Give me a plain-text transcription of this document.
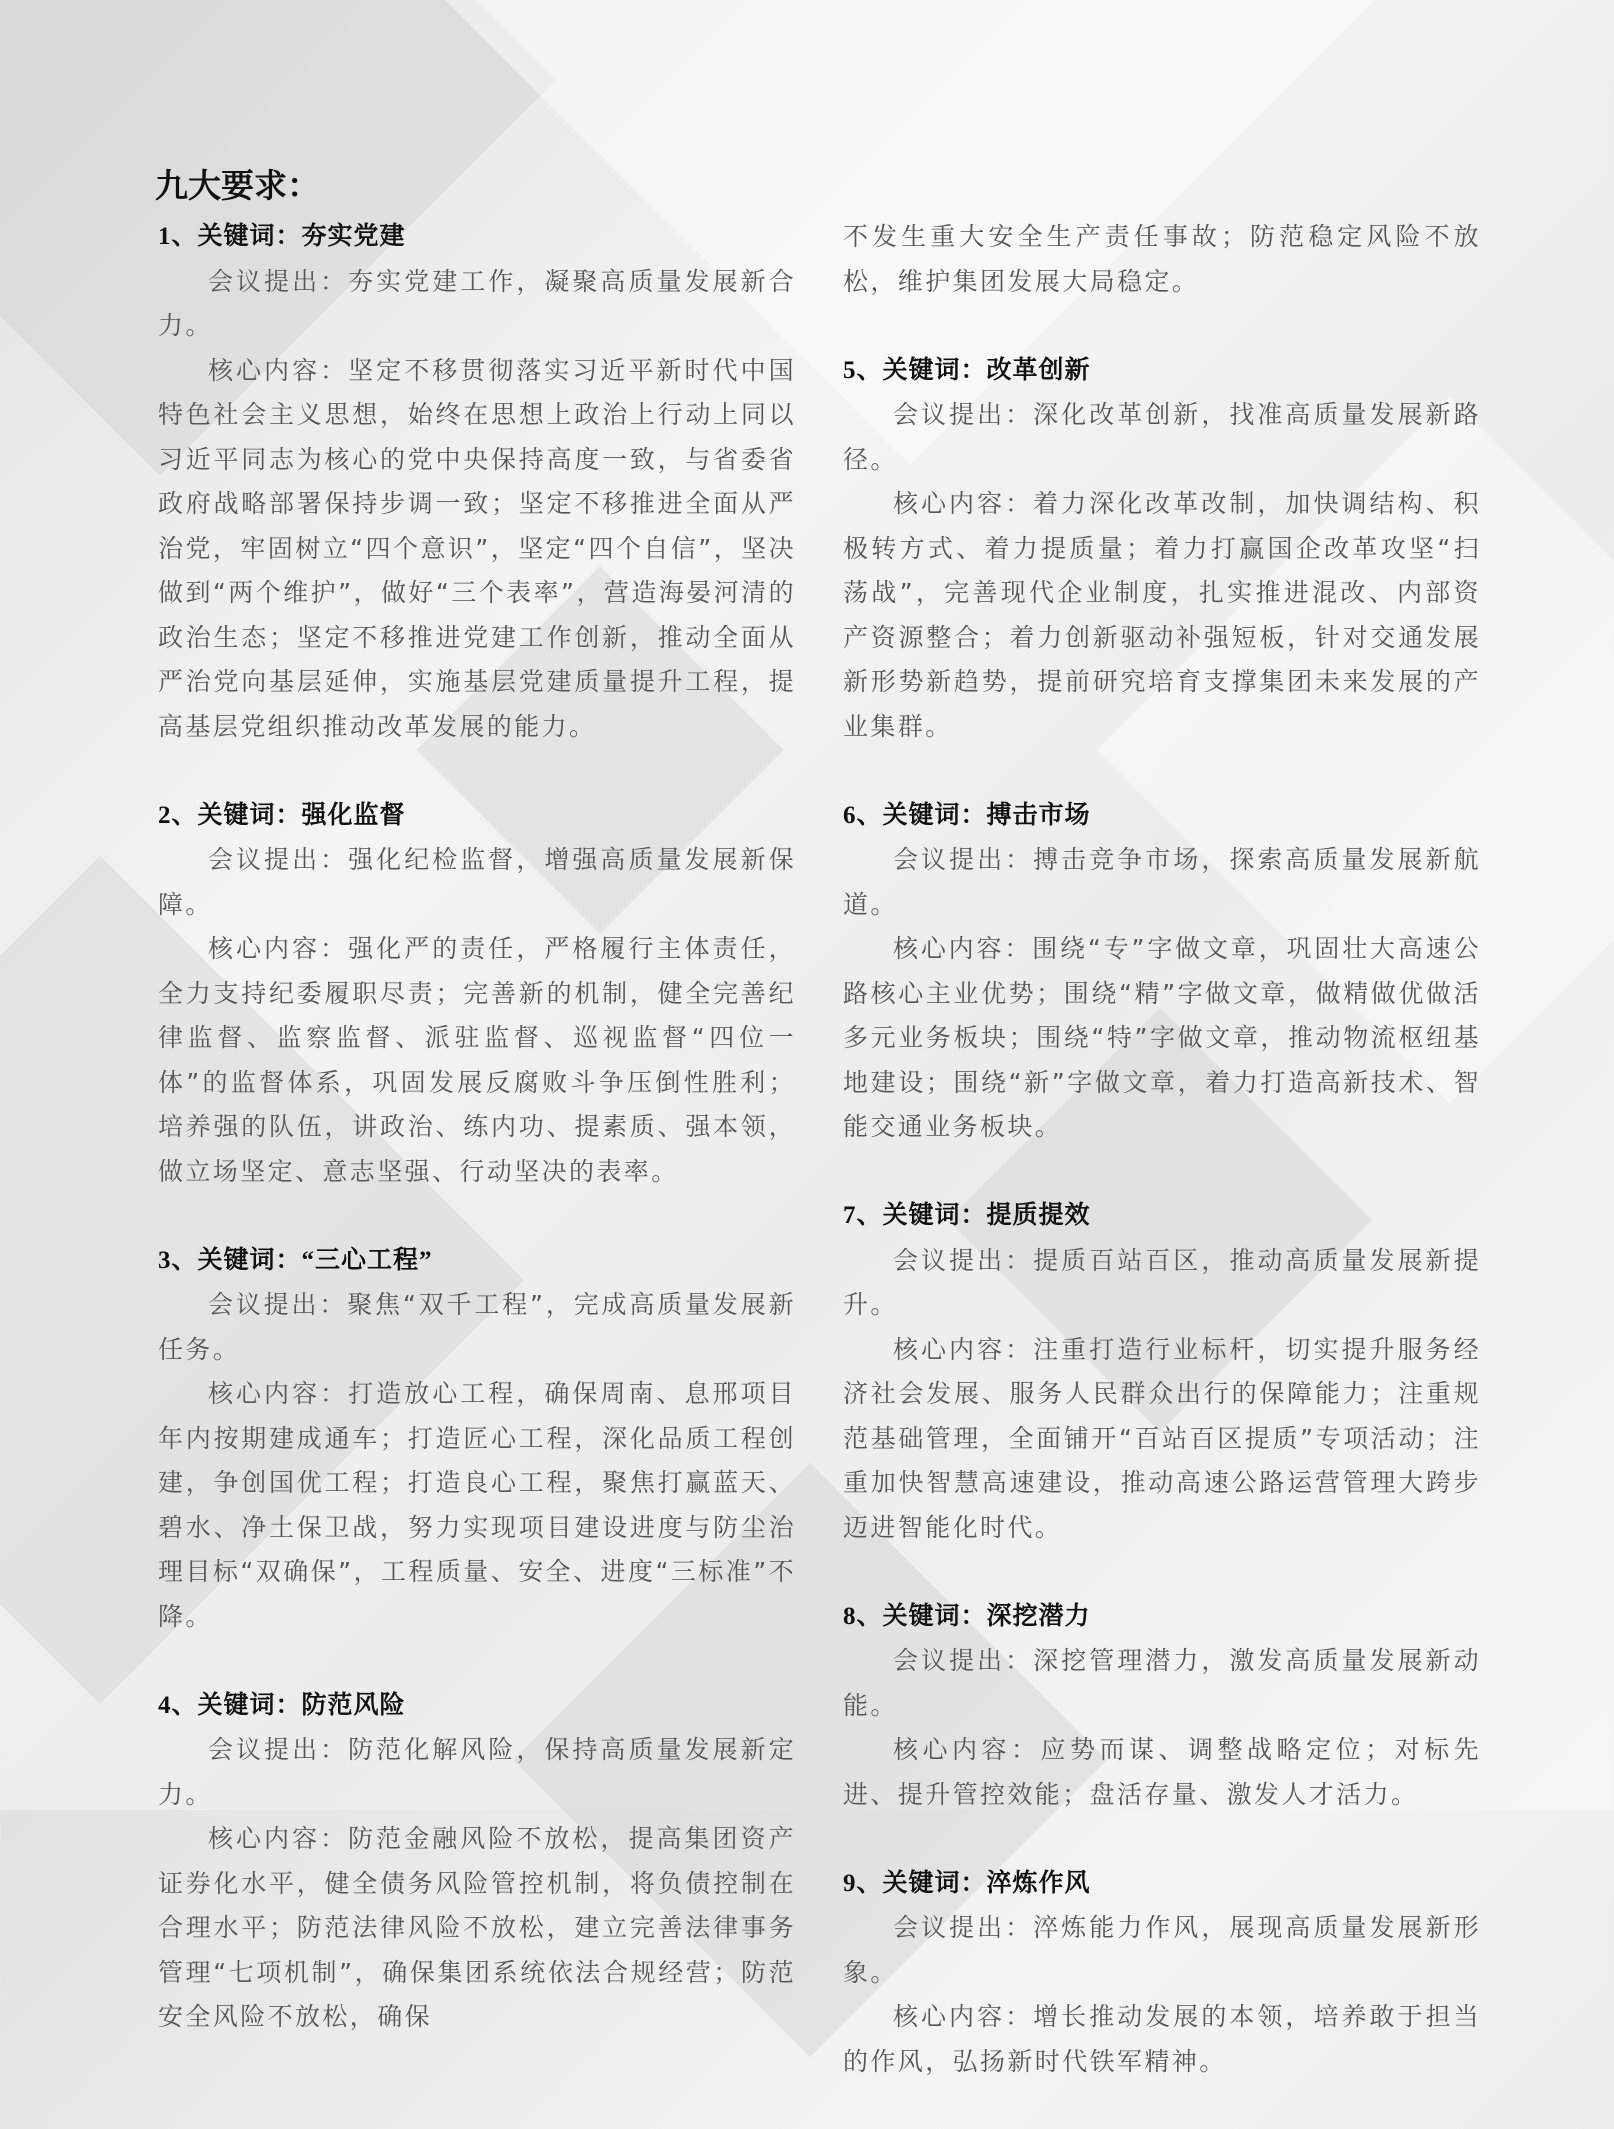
九大要求：
1、关键词：夯实党建

会议提出：夯实党建工作，凝聚高质量发展新合力。

核心内容：坚定不移贯彻落实习近平新时代中国特色社会主义思想，始终在思想上政治上行动上同以习近平同志为核心的党中央保持高度一致，与省委省政府战略部署保持步调一致；坚定不移推进全面从严治党，牢固树立“四个意识”，坚定“四个自信”，坚决做到“两个维护”，做好“三个表率”，营造海晏河清的政治生态；坚定不移推进党建工作创新，推动全面从严治党向基层延伸，实施基层党建质量提升工程，提高基层党组织推动改革发展的能力。

2、关键词：强化监督

会议提出：强化纪检监督，增强高质量发展新保障。

核心内容：强化严的责任，严格履行主体责任，全力支持纪委履职尽责；完善新的机制，健全完善纪律监督、监察监督、派驻监督、巡视监督“四位一体”的监督体系，巩固发展反腐败斗争压倒性胜利；培养强的队伍，讲政治、练内功、提素质、强本领，做立场坚定、意志坚强、行动坚决的表率。

3、关键词：“三心工程”

会议提出：聚焦“双千工程”，完成高质量发展新任务。

核心内容：打造放心工程，确保周南、息邢项目年内按期建成通车；打造匠心工程，深化品质工程创建，争创国优工程；打造良心工程，聚焦打赢蓝天、碧水、净土保卫战，努力实现项目建设进度与防尘治理目标“双确保”，工程质量、安全、进度“三标准”不降。

4、关键词：防范风险

会议提出：防范化解风险，保持高质量发展新定力。

核心内容：防范金融风险不放松，提高集团资产证券化水平，健全债务风险管控机制，将负债控制在合理水平；防范法律风险不放松，建立完善法律事务管理“七项机制”，确保集团系统依法合规经营；防范安全风险不放松，确保

不发生重大安全生产责任事故；防范稳定风险不放松，维护集团发展大局稳定。

5、关键词：改革创新

会议提出：深化改革创新，找准高质量发展新路径。

核心内容：着力深化改革改制，加快调结构、积极转方式、着力提质量；着力打赢国企改革攻坚“扫荡战”，完善现代企业制度，扎实推进混改、内部资产资源整合；着力创新驱动补强短板，针对交通发展新形势新趋势，提前研究培育支撑集团未来发展的产业集群。

6、关键词：搏击市场

会议提出：搏击竞争市场，探索高质量发展新航道。

核心内容：围绕“专”字做文章，巩固壮大高速公路核心主业优势；围绕“精”字做文章，做精做优做活多元业务板块；围绕“特”字做文章，推动物流枢纽基地建设；围绕“新”字做文章，着力打造高新技术、智能交通业务板块。

7、关键词：提质提效

会议提出：提质百站百区，推动高质量发展新提升。

核心内容：注重打造行业标杆，切实提升服务经济社会发展、服务人民群众出行的保障能力；注重规范基础管理，全面铺开“百站百区提质”专项活动；注重加快智慧高速建设，推动高速公路运营管理大跨步迈进智能化时代。

8、关键词：深挖潜力

会议提出：深挖管理潜力，激发高质量发展新动能。

核心内容：应势而谋、调整战略定位；对标先进、提升管控效能；盘活存量、激发人才活力。

9、关键词：淬炼作风

会议提出：淬炼能力作风，展现高质量发展新形象。

核心内容：增长推动发展的本领，培养敢于担当的作风，弘扬新时代铁军精神。
